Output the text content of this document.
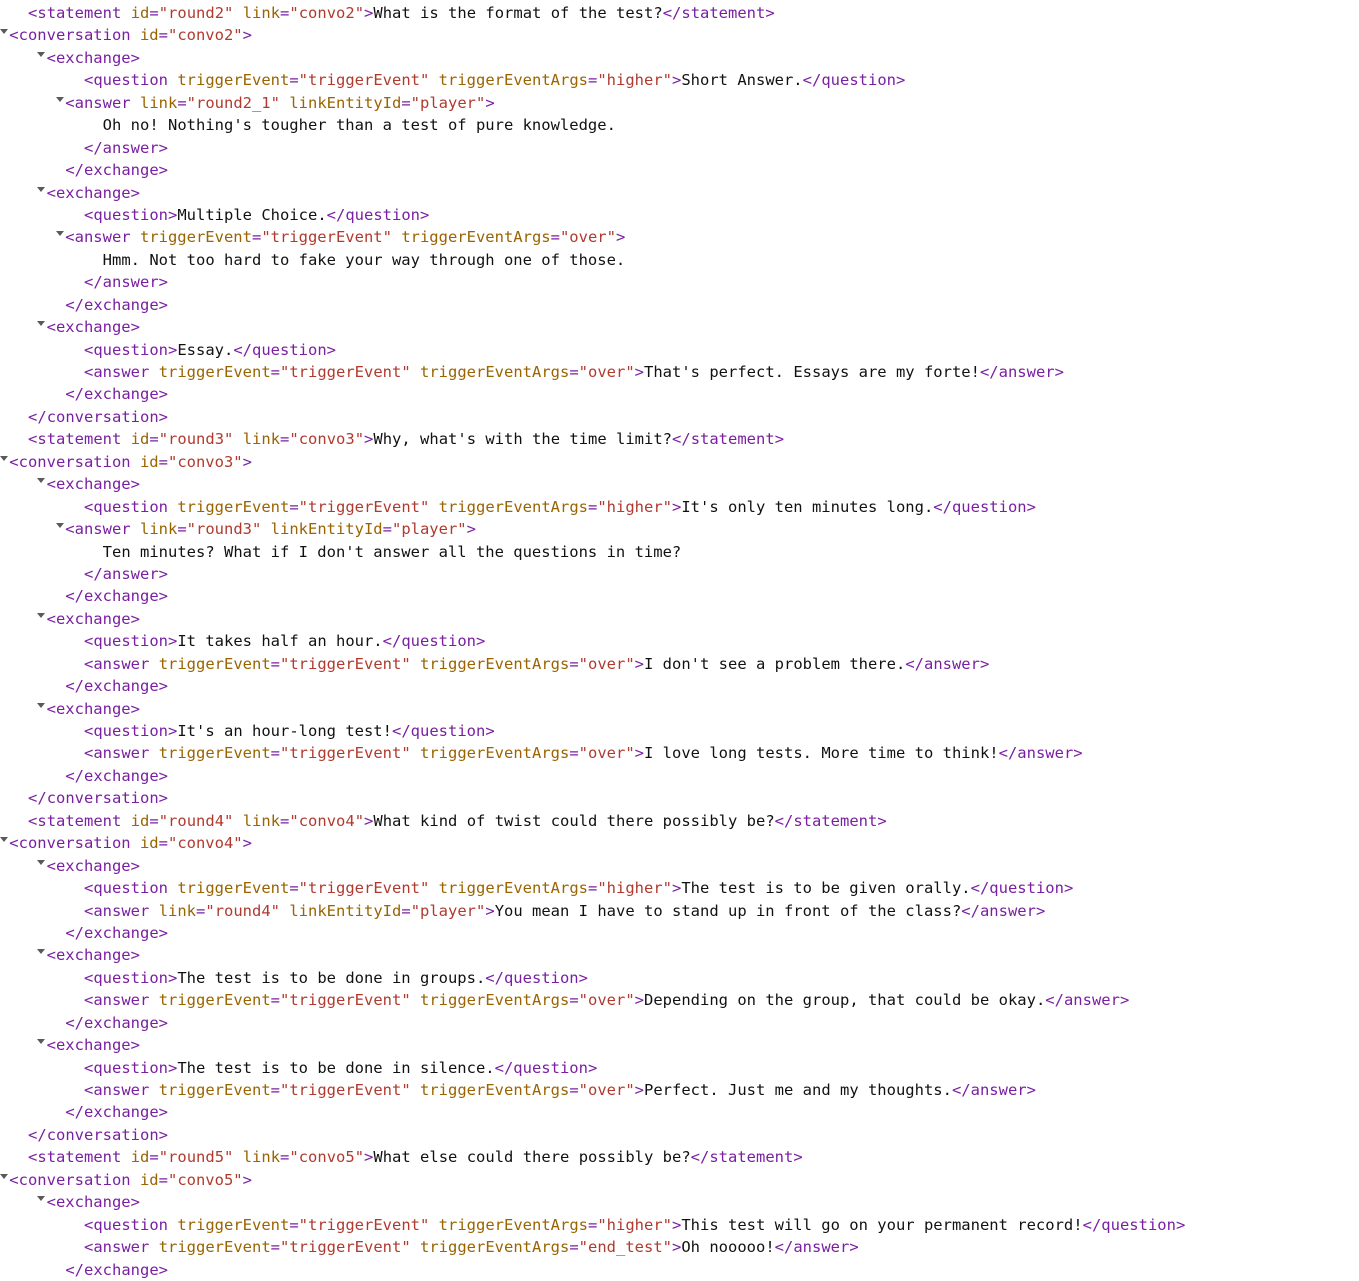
<statement id="round2" link="convo2">What is the format of the test?</statement>
<conversation id="convo2">

<exchange>
<question triggerEvent="triggerEvent" triggerEventArgs="higher">Short Answer.</question>

<answer link="round2_1" linkEntityId="player">
Oh no! Nothing's tougher than a test of pure knowledge.
</answer>
</exchange>

<exchange>
<question>Multiple Choice.</question>

<answer triggerEvent="triggerEvent" triggerEventArgs="over">
Hmm. Not too hard to fake your way through one of those.
</answer>
</exchange>

<exchange>
<question>Essay.</question>
<answer triggerEvent="triggerEvent" triggerEventArgs="over">That's perfect. Essays are my forte!</answer>
</exchange>
</conversation>
<statement id="round3" link="convo3">Why, what's with the time limit?</statement>
<conversation id="convo3">

<exchange>
<question triggerEvent="triggerEvent" triggerEventArgs="higher">It's only ten minutes long.</question>

<answer link="round3" linkEntityId="player">
Ten minutes? What if I don't answer all the questions in time?
</answer>
</exchange>

<exchange>
<question>It takes half an hour.</question>
<answer triggerEvent="triggerEvent" triggerEventArgs="over">I don't see a problem there.</answer>
</exchange>

<exchange>
<question>It's an hour-long test!</question>
<answer triggerEvent="triggerEvent" triggerEventArgs="over">I love long tests. More time to think!</answer>
</exchange>
</conversation>
<statement id="round4" link="convo4">What kind of twist could there possibly be?</statement>
<conversation id="convo4">

<exchange>
<question triggerEvent="triggerEvent" triggerEventArgs="higher">The test is to be given orally.</question>
<answer link="round4" linkEntityId="player">You mean I have to stand up in front of the class?</answer>
</exchange>

<exchange>
<question>The test is to be done in groups.</question>
<answer triggerEvent="triggerEvent" triggerEventArgs="over">Depending on the group, that could be okay.</answer>
</exchange>

<exchange>
<question>The test is to be done in silence.</question>
<answer triggerEvent="triggerEvent" triggerEventArgs="over">Perfect. Just me and my thoughts.</answer>
</exchange>
</conversation>
<statement id="round5" link="convo5">What else could there possibly be?</statement>
<conversation id="convo5">

<exchange>
<question triggerEvent="triggerEvent" triggerEventArgs="higher">This test will go on your permanent record!</question>
<answer triggerEvent="triggerEvent" triggerEventArgs="end_test">Oh nooooo!</answer>
</exchange>
